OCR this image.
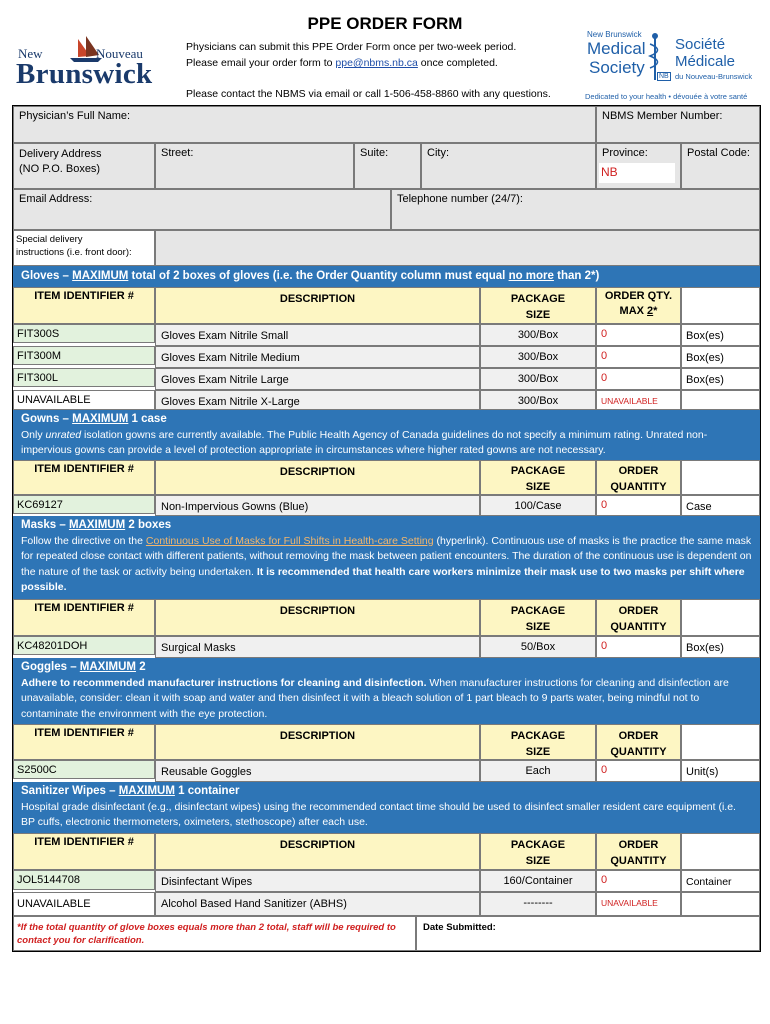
PPE ORDER FORM
Physicians can submit this PPE Order Form once per two-week period.
Please email your order form to ppe@nbms.nb.ca once completed.
Please contact the NBMS via email or call 1-506-458-8860 with any questions.
New	Nouveau
Brunswick
New Brunswick
Medical
Society
Société
Médicale
NB du Nouveau-Brunswick
Dedicated to your health • dévouée à votre santé
Physician’s Full Name:	NBMS Member Number:
Delivery Address
(NO P.O. Boxes)
Street:	Suite:	City:	Province:
NB
Postal Code:
Email Address:	Telephone number (24/7):
Special delivery
instructions (i.e. front door):
Gloves – MAXIMUM total of 2 boxes of gloves (i.e. the Order Quantity column must equal no more than 2*)
ITEM IDENTIFIER #	DESCRIPTION	PACKAGE
SIZE
ORDER QTY.
MAX 2*
FIT300S	Gloves Exam Nitrile Small	300/Box	0	Box(es)
FIT300M	Gloves Exam Nitrile Medium	300/Box	0	Box(es)
FIT300L	Gloves Exam Nitrile Large	300/Box	0	Box(es)
UNAVAILABLE	Gloves Exam Nitrile X-Large	300/Box	UNAVAILABLE
Gowns – MAXIMUM 1 case
Only unrated isolation gowns are currently available. The Public Health Agency of Canada guidelines do not specify a minimum rating. Unrated non-impervious gowns can provide a level of protection appropriate in circumstances where higher rated gowns are not necessary.
ITEM IDENTIFIER #	DESCRIPTION	PACKAGE
SIZE
ORDER
QUANTITY
KC69127	Non-Impervious Gowns (Blue)	100/Case	0	Case
Masks – MAXIMUM 2 boxes
Follow the directive on the Continuous Use of Masks for Full Shifts in Health-care Setting (hyperlink). Continuous use of masks is the practice the same mask for repeated close contact with different patients, without removing the mask between patient encounters. The duration of the continuous use is dependent on the nature of the task or activity being undertaken. It is recommended that health care workers minimize their mask use to two masks per shift where possible.
ITEM IDENTIFIER #	DESCRIPTION	PACKAGE
SIZE
ORDER
QUANTITY
KC48201DOH	Surgical Masks	50/Box	0	Box(es)
Goggles – MAXIMUM 2
Adhere to recommended manufacturer instructions for cleaning and disinfection. When manufacturer instructions for cleaning and disinfection are unavailable, consider: clean it with soap and water and then disinfect it with a bleach solution of 1 part bleach to 9 parts water, being mindful not to contaminate the environment with the eye protection.
ITEM IDENTIFIER #	DESCRIPTION	PACKAGE
SIZE
ORDER
QUANTITY
S2500C	Reusable Goggles	Each	0	Unit(s)
Sanitizer Wipes – MAXIMUM 1 container
Hospital grade disinfectant (e.g., disinfectant wipes) using the recommended contact time should be used to disinfect smaller resident care equipment (i.e. BP cuffs, electronic thermometers, oximeters, stethoscope) after each use.
ITEM IDENTIFIER #	DESCRIPTION	PACKAGE
SIZE
ORDER
QUANTITY
JOL5144708	Disinfectant Wipes	160/Container	0	Container
UNAVAILABLE	Alcohol Based Hand Sanitizer (ABHS)	--------	UNAVAILABLE
*If the total quantity of glove boxes equals more than 2 total, staff will be required to contact you for clarification.
Date Submitted:
